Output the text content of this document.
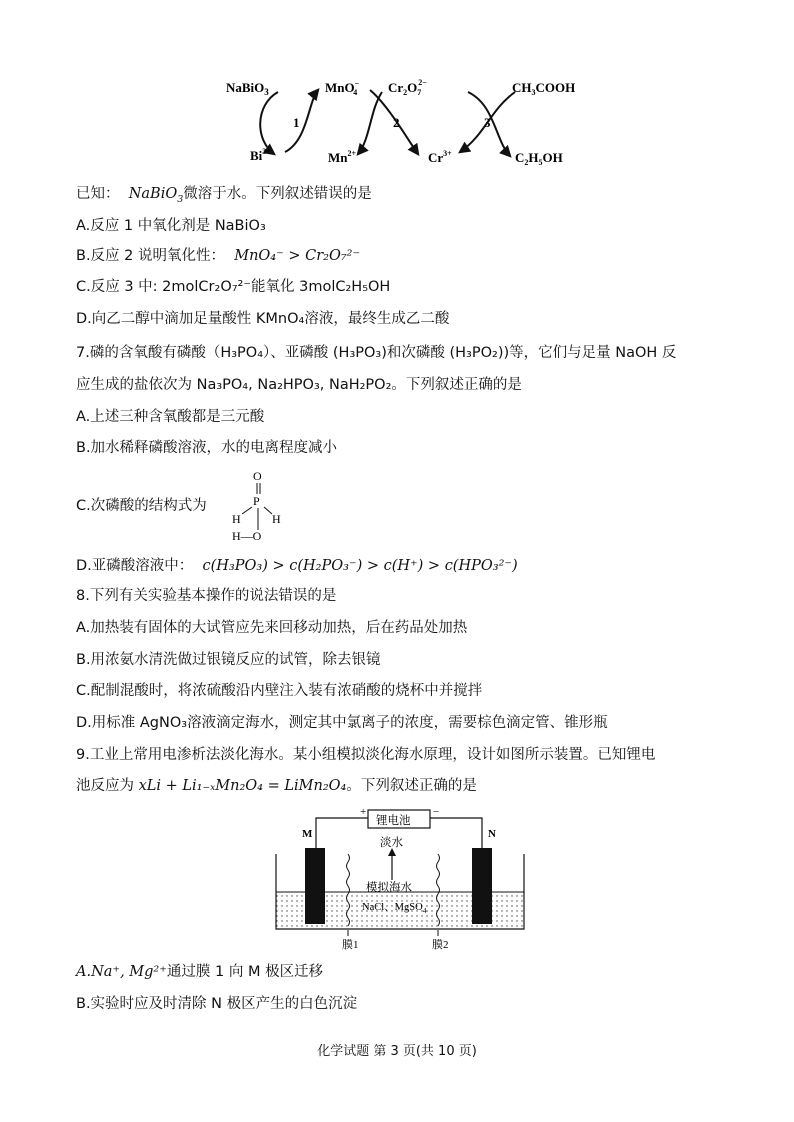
NaBiO$_3$
$Bi^{3+}$
1
MnO− 4
$Mn^{2+}$
2
$Cr_2O_72-$
$Cr^{3+}$
3
$CH_3COOH$
$C_2H_5OH$
已知： NaBiO$_3$微溶于水。下列叙述错误的是
A.反应 1 中氧化剂是 NaBiO₃
B.反应 2 说明氧化性： MnO₄⁻ > Cr₂O₇²⁻
C.反应 3 中: 2molCr₂O₇²⁻能氧化 3molC₂H₅OH
D.向乙二醇中滴加足量酸性 KMnO₄溶液，最终生成乙二酸
7.磷的含氧酸有磷酸（H₃PO₄）、亚磷酸 (H₃PO₃)和次磷酸 (H₃PO₂))等，它们与足量 NaOH 反
应生成的盐依次为 Na₃PO₄, Na₂HPO₃, NaH₂PO₂。下列叙述正确的是
A.上述三种含氧酸都是三元酸
B.加水稀释磷酸溶液，水的电离程度减小
C.次磷酸的结构式为
O
P
H	H
H—O
D.亚磷酸溶液中： c(H₃PO₃) > c(H₂PO₃⁻) > c(H⁺) > c(HPO₃²⁻)
8.下列有关实验基本操作的说法错误的是
A.加热装有固体的大试管应先来回移动加热，后在药品处加热
B.用浓氨水清洗做过银镜反应的试管，除去银镜
C.配制混酸时，将浓硫酸沿内壁注入装有浓硝酸的烧杯中并搅拌
D.用标准 AgNO₃溶液滴定海水，测定其中氯离子的浓度，需要棕色滴定管、锥形瓶
9.工业上常用电渗析法淡化海水。某小组模拟淡化海水原理，设计如图所示装置。已知锂电
池反应为 xLi + Li₁₋ₓMn₂O₄ = LiMn₂O₄。下列叙述正确的是
锂电池
+	−
M	N
淡水
模拟海水
NaCl、MgSO$_4$
膜1	膜2
A.Na⁺, Mg²⁺通过膜 1 向 M 极区迁移
B.实验时应及时清除 N 极区产生的白色沉淀
化学试题 第 3 页(共 10 页)
